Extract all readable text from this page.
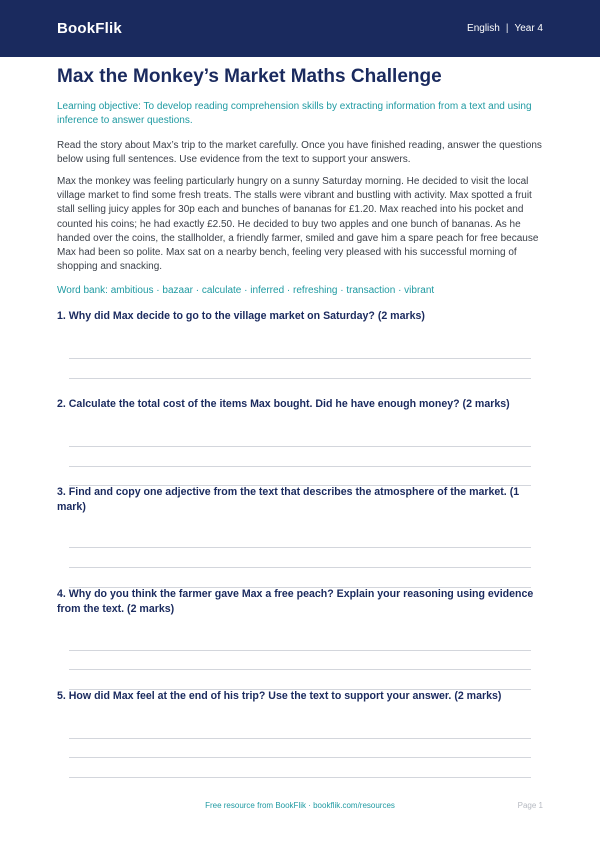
BookFlik	English | Year 4
Max the Monkey’s Market Maths Challenge

Learning objective: To develop reading comprehension skills by extracting information from a text and using inference to answer questions.

Read the story about Max’s trip to the market carefully. Once you have finished reading, answer the questions below using full sentences. Use evidence from the text to support your answers.

Max the monkey was feeling particularly hungry on a sunny Saturday morning. He decided to visit the local village market to find some fresh treats. The stalls were vibrant and bustling with activity. Max spotted a fruit stall selling juicy apples for 30p each and bunches of bananas for £1.20. Max reached into his pocket and counted his coins; he had exactly £2.50. He decided to buy two apples and one bunch of bananas. As he handed over the coins, the stallholder, a friendly farmer, smiled and gave him a spare peach for free because Max had been so polite. Max sat on a nearby bench, feeling very pleased with his successful morning of shopping and snacking.

Word bank: ambitious · bazaar · calculate · inferred · refreshing · transaction · vibrant

1. Why did Max decide to go to the village market on Saturday? (2 marks)
2. Calculate the total cost of the items Max bought. Did he have enough money? (2 marks)
3. Find and copy one adjective from the text that describes the atmosphere of the market. (1 mark)
4. Why do you think the farmer gave Max a free peach? Explain your reasoning using evidence from the text. (2 marks)
5. How did Max feel at the end of his trip? Use the text to support your answer. (2 marks)
Free resource from BookFlik · bookflik.com/resources	Page 1
